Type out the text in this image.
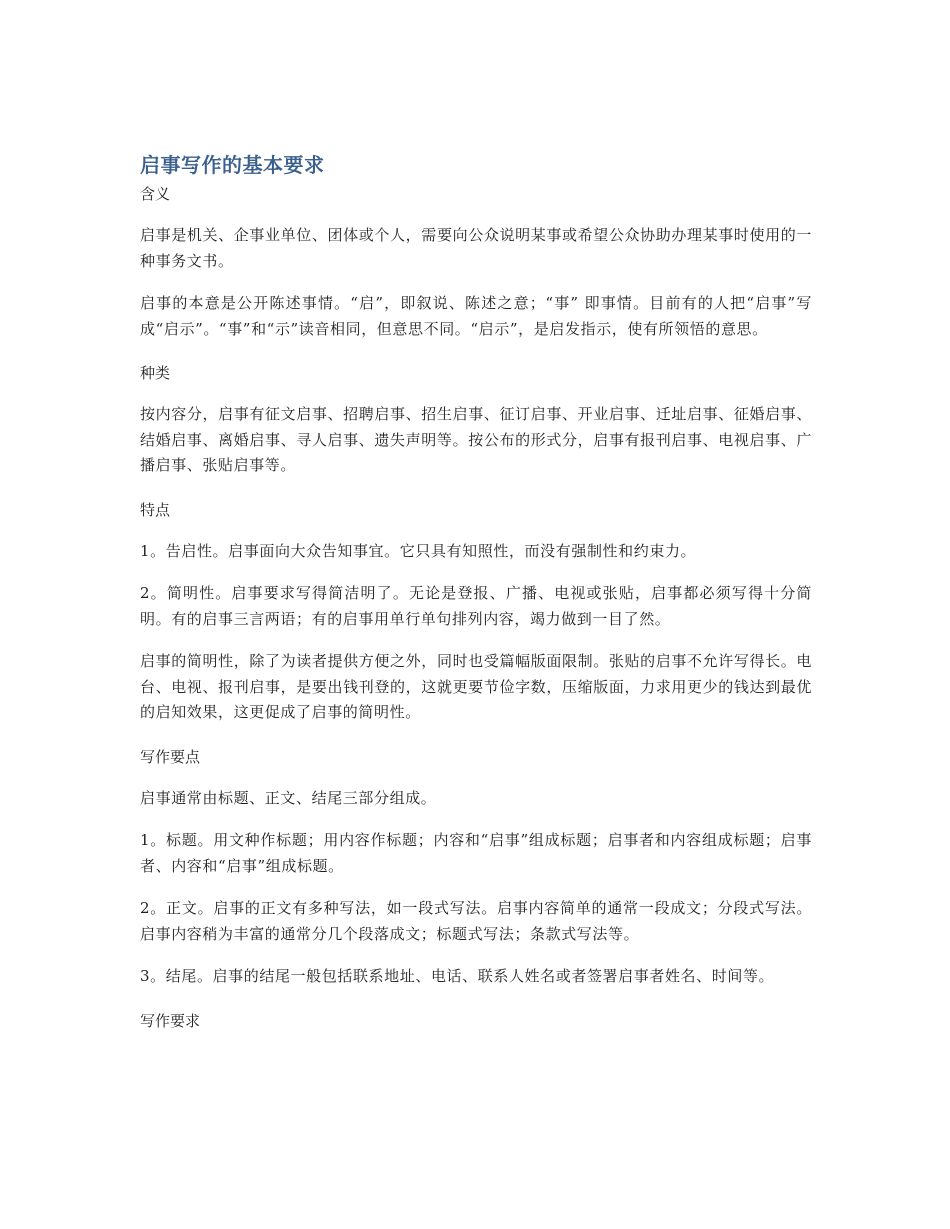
启事写作的基本要求

含义

启事是机关、企事业单位、团体或个人，需要向公众说明某事或希望公众协助办理某事时使用的一种事务文书。

启事的本意是公开陈述事情。“启”，即叙说、陈述之意；“事” 即事情。目前有的人把“启事”写成“启示”。“事”和“示”读音相同，但意思不同。“启示”，是启发指示，使有所领悟的意思。

种类

按内容分，启事有征文启事、招聘启事、招生启事、征订启事、开业启事、迁址启事、征婚启事、结婚启事、离婚启事、寻人启事、遗失声明等。按公布的形式分，启事有报刊启事、电视启事、广播启事、张贴启事等。

特点

1。告启性。启事面向大众告知事宜。它只具有知照性，而没有强制性和约束力。

2。简明性。启事要求写得简洁明了。无论是登报、广播、电视或张贴，启事都必须写得十分简明。有的启事三言两语；有的启事用单行单句排列内容，竭力做到一目了然。

启事的简明性，除了为读者提供方便之外，同时也受篇幅版面限制。张贴的启事不允许写得长。电台、电视、报刊启事，是要出钱刊登的，这就更要节俭字数，压缩版面，力求用更少的钱达到最优的启知效果，这更促成了启事的简明性。

写作要点

启事通常由标题、正文、结尾三部分组成。

1。标题。用文种作标题；用内容作标题；内容和“启事”组成标题；启事者和内容组成标题；启事者、内容和“启事”组成标题。

2。正文。启事的正文有多种写法，如一段式写法。启事内容简单的通常一段成文；分段式写法。启事内容稍为丰富的通常分几个段落成文；标题式写法；条款式写法等。

3。结尾。启事的结尾一般包括联系地址、电话、联系人姓名或者签署启事者姓名、时间等。

写作要求
